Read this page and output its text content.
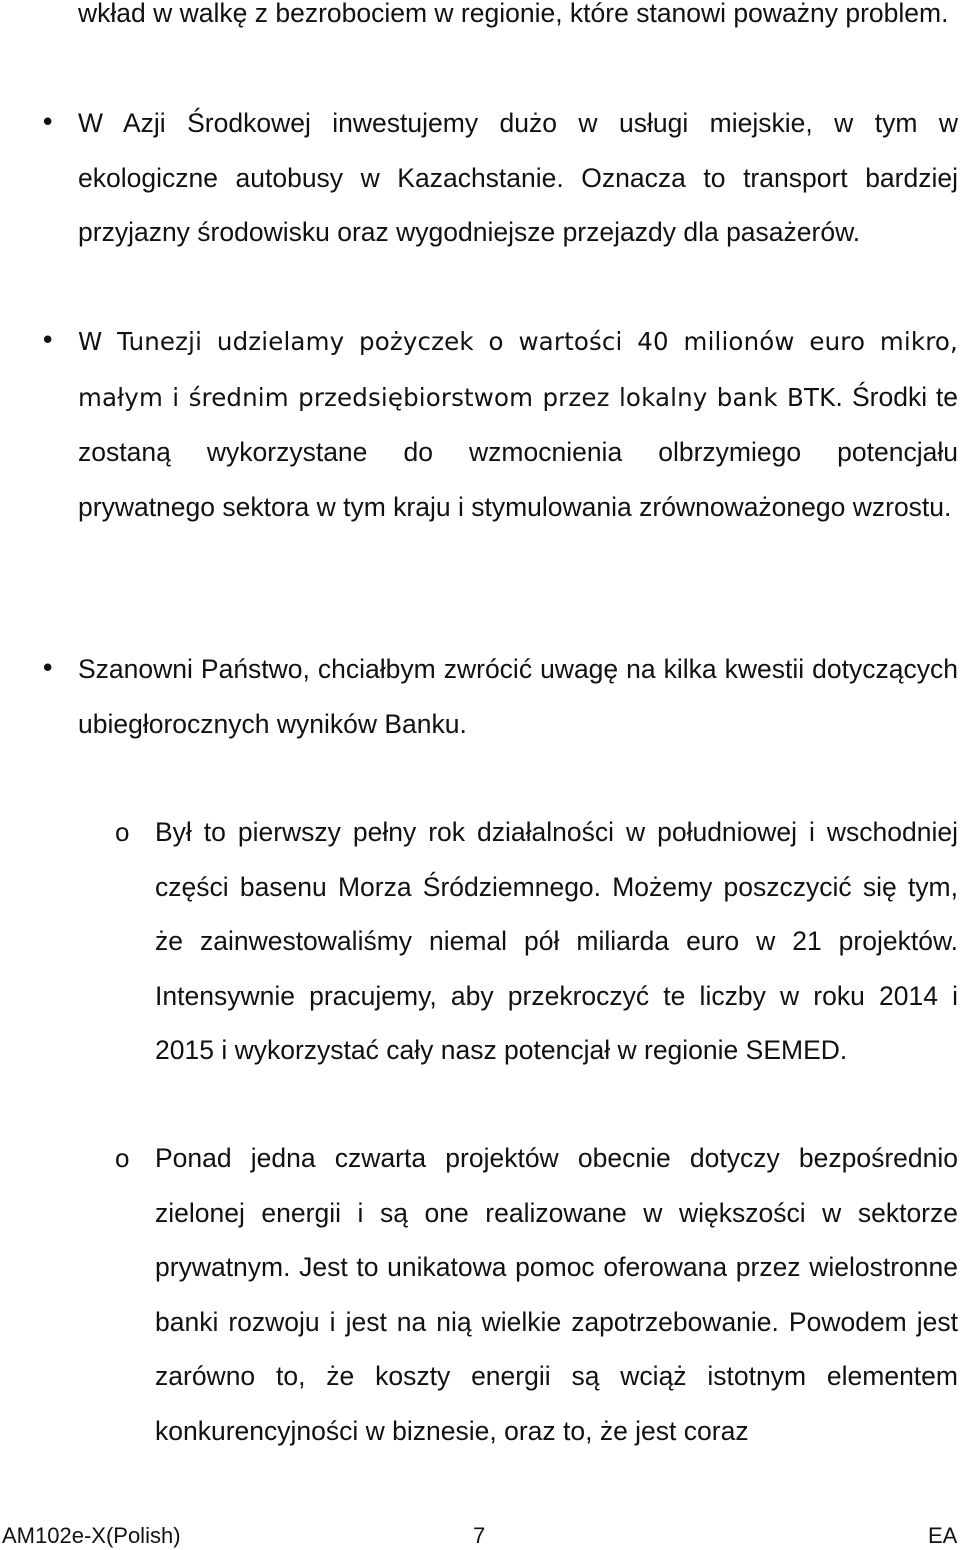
wkład w walkę z bezrobociem w regionie, które stanowi poważny problem.

• W Azji Środkowej inwestujemy dużo w usługi miejskie, w tym w ekologiczne autobusy w Kazachstanie. Oznacza to transport bardziej przyjazny środowisku oraz wygodniejsze przejazdy dla pasażerów.

• W Tunezji udzielamy pożyczek o wartości 40 milionów euro mikro, małym i średnim przedsiębiorstwom przez lokalny bank BTK. Środki te zostaną wykorzystane do wzmocnienia olbrzymiego potencjału prywatnego sektora w tym kraju i stymulowania zrównoważonego wzrostu.

• Szanowni Państwo, chciałbym zwrócić uwagę na kilka kwestii dotyczących ubiegłorocznych wyników Banku.

o Był to pierwszy pełny rok działalności w południowej i wschodniej części basenu Morza Śródziemnego. Możemy poszczycić się tym, że zainwestowaliśmy niemal pół miliarda euro w 21 projektów. Intensywnie pracujemy, aby przekroczyć te liczby w roku 2014 i 2015 i wykorzystać cały nasz potencjał w regionie SEMED.

o Ponad jedna czwarta projektów obecnie dotyczy bezpośrednio zielonej energii i są one realizowane w większości w sektorze prywatnym. Jest to unikatowa pomoc oferowana przez wielostronne banki rozwoju i jest na nią wielkie zapotrzebowanie. Powodem jest zarówno to, że koszty energii są wciąż istotnym elementem konkurencyjności w biznesie, oraz to, że jest coraz

AM102e-X(Polish)	7	EA
